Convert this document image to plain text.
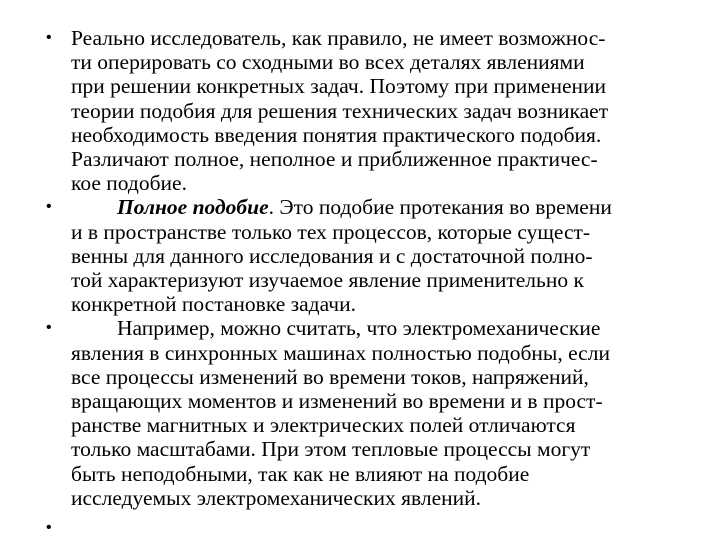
• Реально исследователь, как правило, не имеет возможнос-
ти оперировать со сходными во всех деталях явлениями
при решении конкретных задач. Поэтому при применении
теории подобия для решения технических задач возникает
необходимость введения понятия практического подобия.
Различают полное, неполное и приближенное практичес-
кое подобие.
•	Полное подобие. Это подобие протекания во времени
и в пространстве только тех процессов, которые сущест-
венны для данного исследования и с достаточной полно-
той характеризуют изучаемое явление применительно к
конкретной постановке задачи.
•	Например, можно считать, что электромеханические
явления в синхронных машинах полностью подобны, если
все процессы изменений во времени токов, напряжений,
вращающих моментов и изменений во времени и в прост-
ранстве магнитных и электрических полей отличаются
только масштабами. При этом тепловые процессы могут
быть неподобными, так как не влияют на подобие
исследуемых электромеханических явлений.
•
